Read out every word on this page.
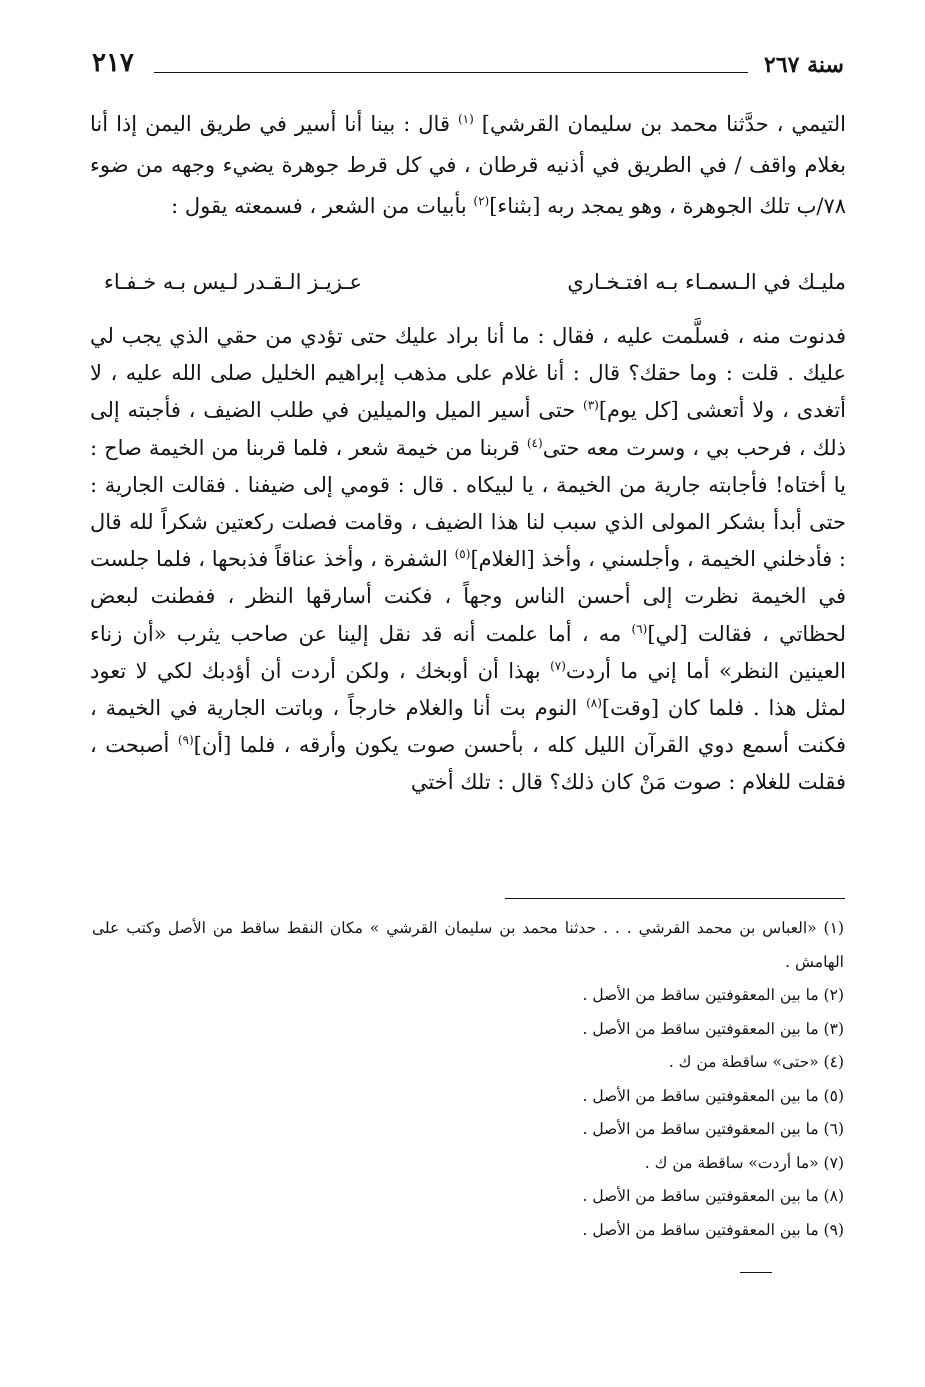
سنة ٢٦٧
٢١٧

التيمي ، حدَّثنا محمد بن سليمان القرشي] $^{(١)}$ قال : بينا أنا أسير في طريق اليمن إذا أنا بغلام واقف / في الطريق في أذنيه قرطان ، في كل قرط جوهرة يضيء وجهه من ضوء ٧٨/ب تلك الجوهرة ، وهو يمجد ربه [بثناء]$^{(٢)}$ بأبيات من الشعر ، فسمعته يقول :

مليـك في الـسمـاء بـه افتـخـاري
عـزيـز الـقـدر لـيس بـه خـفـاء

فدنوت منه ، فسلَّمت عليه ، فقال : ما أنا براد عليك حتى تؤدي من حقي الذي يجب لي عليك . قلت : وما حقك؟ قال : أنا غلام على مذهب إبراهيم الخليل صلى الله عليه ، لا أتغدى ، ولا أتعشى [كل يوم]$^{(٣)}$ حتى أسير الميل والميلين في طلب الضيف ، فأجبته إلى ذلك ، فرحب بي ، وسرت معه حتى$^{(٤)}$ قربنا من خيمة شعر ، فلما قربنا من الخيمة صاح : يا أختاه! فأجابته جارية من الخيمة ، يا لبيكاه . قال : قومي إلى ضيفنا . فقالت الجارية : حتى أبدأ بشكر المولى الذي سبب لنا هذا الضيف ، وقامت فصلت ركعتين شكراً لله قال : فأدخلني الخيمة ، وأجلسني ، وأخذ [الغلام]$^{(٥)}$ الشفرة ، وأخذ عناقاً فذبحها ، فلما جلست في الخيمة نظرت إلى أحسن الناس وجهاً ، فكنت أسارقها النظر ، ففطنت لبعض لحظاتي ، فقالت [لي]$^{(٦)}$ مه ، أما علمت أنه قد نقل إلينا عن صاحب يثرب «أن زناء العينين النظر» أما إني ما أردت$^{(٧)}$ بهذا أن أوبخك ، ولكن أردت أن أؤدبك لكي لا تعود لمثل هذا . فلما كان [وقت]$^{(٨)}$ النوم بت أنا والغلام خارجاً ، وباتت الجارية في الخيمة ، فكنت أسمع دوي القرآن الليل كله ، بأحسن صوت يكون وأرقه ، فلما [أن]$^{(٩)}$ أصبحت ، فقلت للغلام : صوت مَنْ كان ذلك؟ قال : تلك أختي

(١) «العباس بن محمد القرشي . . . حدثنا محمد بن سليمان القرشي » مكان النقط ساقط من الأصل وكتب على الهامش .

(٢) ما بين المعقوفتين ساقط من الأصل .

(٣) ما بين المعقوفتين ساقط من الأصل .

(٤) «حتى» ساقطة من ك .

(٥) ما بين المعقوفتين ساقط من الأصل .

(٦) ما بين المعقوفتين ساقط من الأصل .

(٧) «ما أردت» ساقطة من ك .

(٨) ما بين المعقوفتين ساقط من الأصل .

(٩) ما بين المعقوفتين ساقط من الأصل .
